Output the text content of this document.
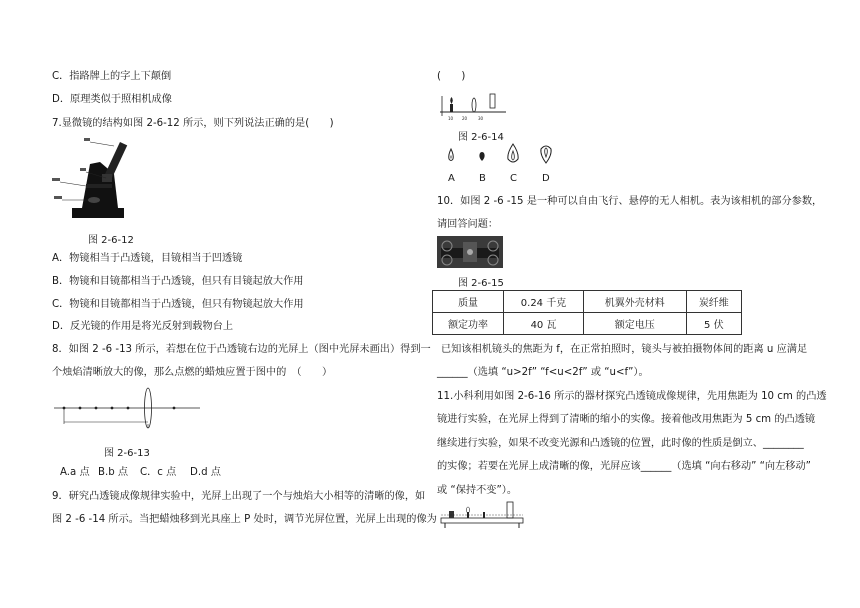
C．指路牌上的字上下颠倒
D．原理类似于照相机成像
7.显微镜的结构如图 2-6-12 所示，则下列说法正确的是(　　)
图 2-6-12
A．物镜相当于凸透镜，目镜相当于凹透镜
B．物镜和目镜都相当于凸透镜，但只有目镜起放大作用
C．物镜和目镜都相当于凸透镜，但只有物镜起放大作用
D．反光镜的作用是将光反射到载物台上
8．如图 2 -6 -13 所示，若想在位于凸透镜右边的光屏上（图中光屏未画出）得到一
个烛焰清晰放大的像，那么点燃的蜡烛应置于图中的　（　　）
图 2-6-13
A.a 点 B.b 点 C．c 点 D.d 点
9．研究凸透镜成像规律实验中，光屏上出现了一个与烛焰大小相等的清晰的像，如
图 2 -6 -14 所示。当把蜡烛移到光具座上 P 处时，调节光屏位置，光屏上出现的像为
(　　)
10 20	30
图 2-6-14
A B C	D
10．如图 2 -6 -15 是一种可以自由飞行、悬停的无人相机。表为该相机的部分参数，
请回答问题：
图 2-6-15
质量	0.24 千克	机翼外壳材料	炭纤维
额定功率	40 瓦	额定电压	5 伏
已知该相机镜头的焦距为 f，在正常拍照时，镜头与被拍摄物体间的距离 u 应满足
______（选填 “u>2f” “f<u<2f” 或 “u<f”）。
11.小科利用如图 2-6-16 所示的器材探究凸透镜成像规律，先用焦距为 10 cm 的凸透
镜进行实验，在光屏上得到了清晰的缩小的实像。接着他改用焦距为 5 cm 的凸透镜
继续进行实验，如果不改变光源和凸透镜的位置，此时像的性质是倒立、________
的实像；若要在光屏上成清晰的像，光屏应该______（选填 “向右移动” “向左移动”
或 “保持不变”）。
